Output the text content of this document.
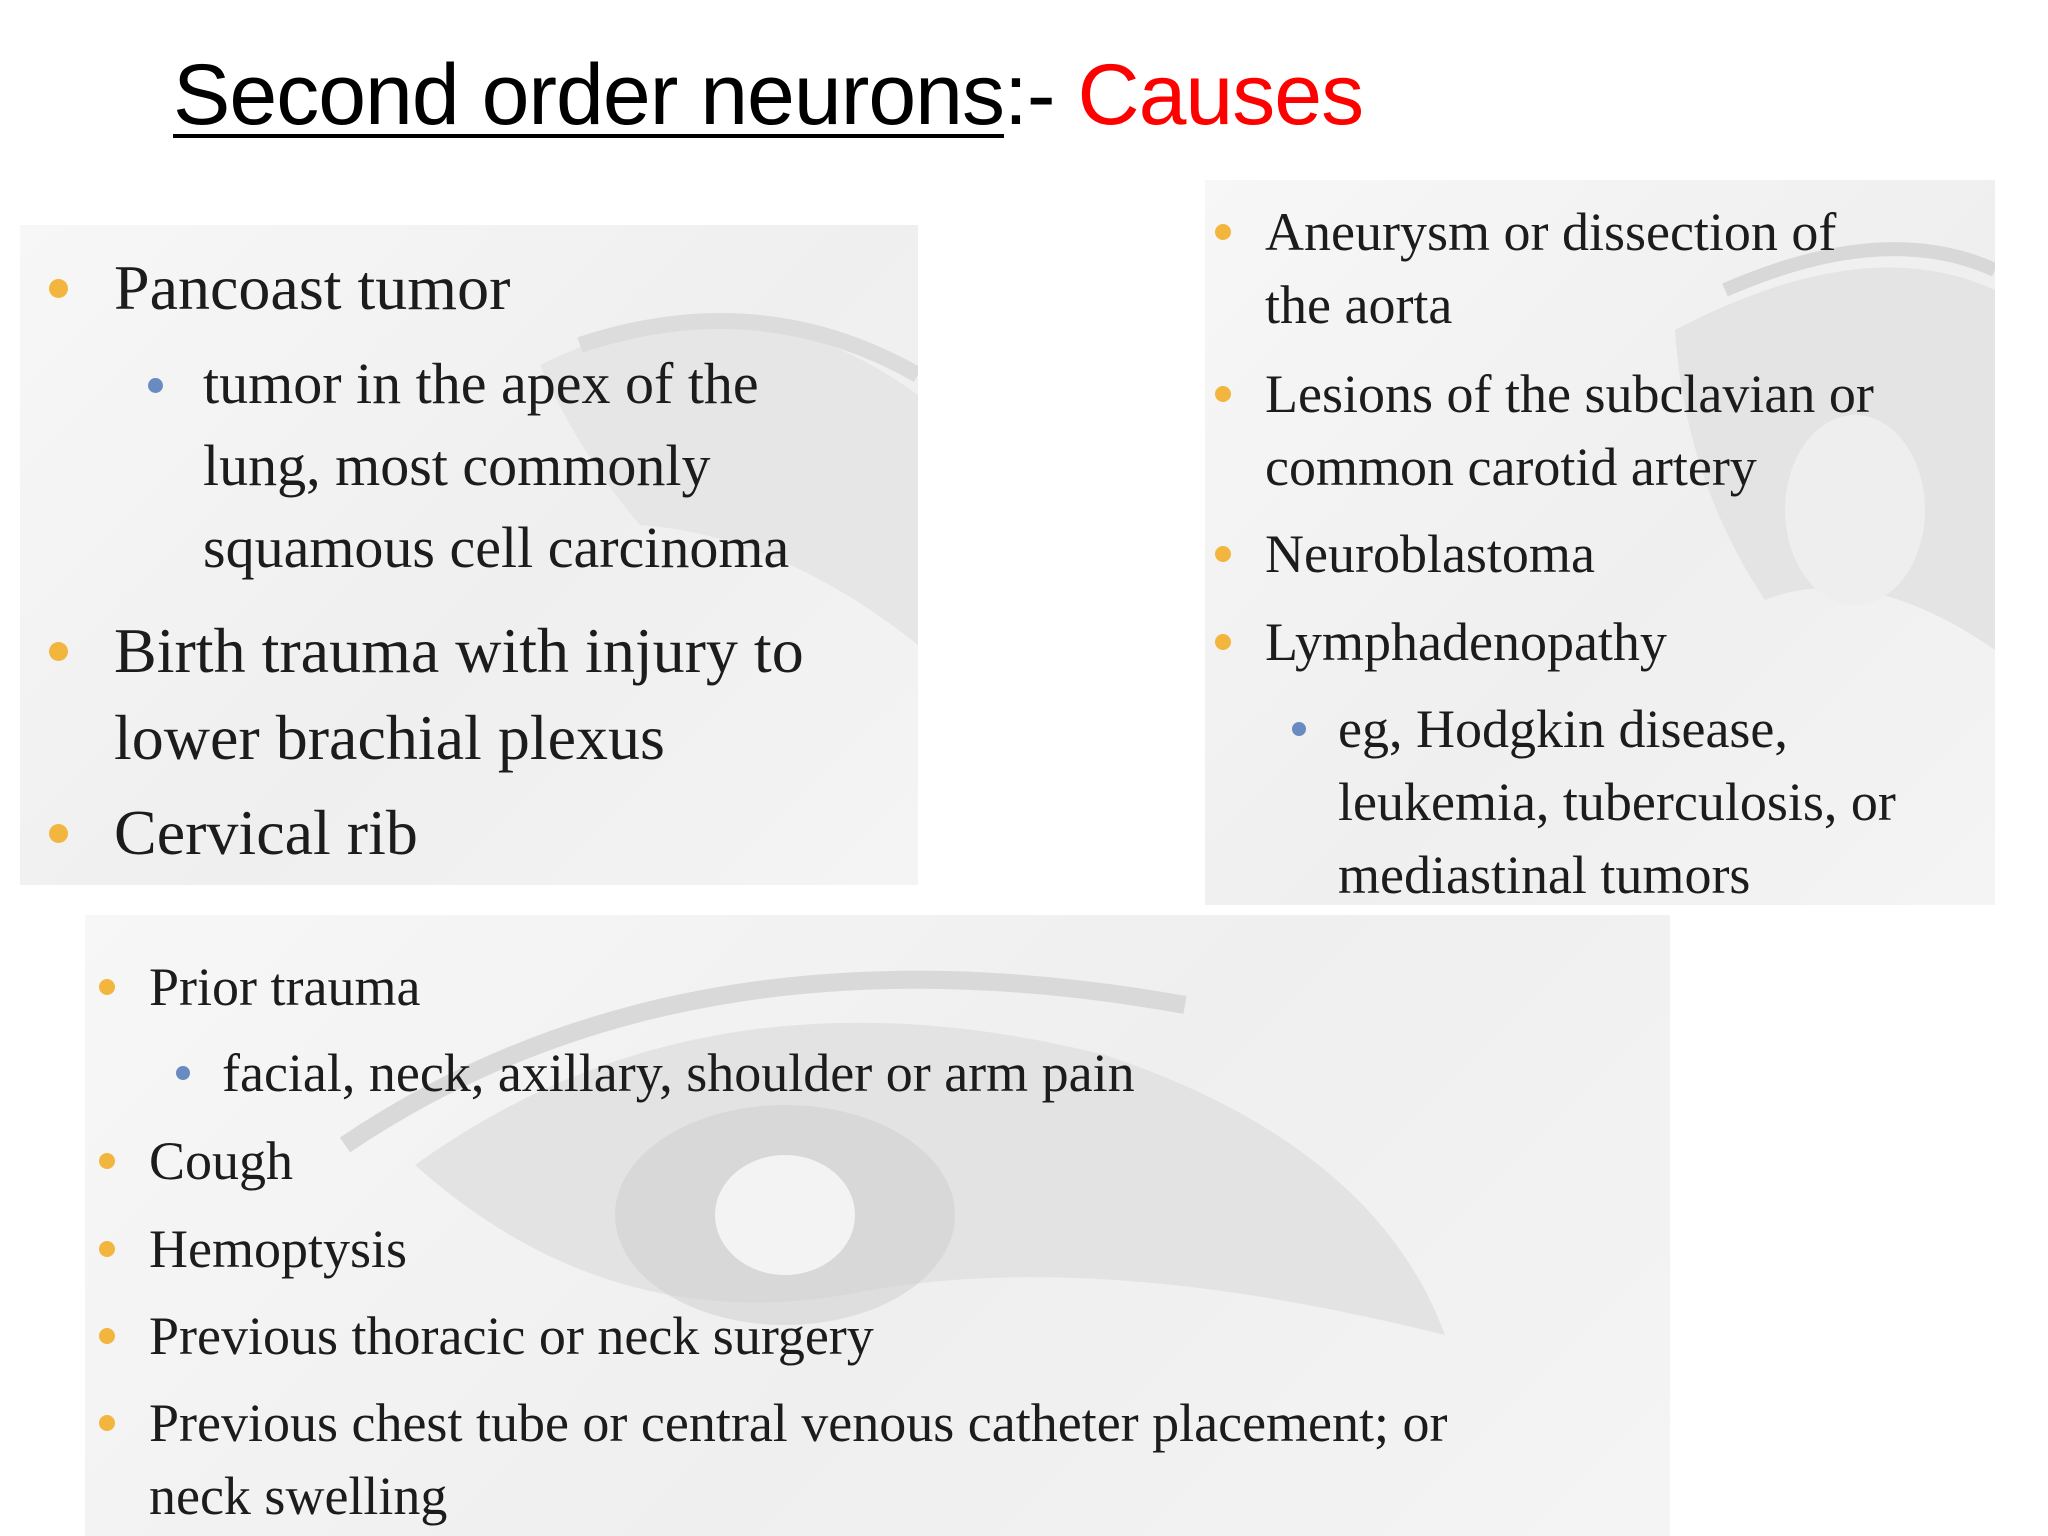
Second order neurons:- Causes
Pancoast tumor
tumor in the apex of the
lung, most commonly
squamous cell carcinoma
Birth trauma with injury to
lower brachial plexus
Cervical rib
Aneurysm or dissection of
the aorta
Lesions of the subclavian or
common carotid artery
Neuroblastoma
Lymphadenopathy
eg, Hodgkin disease,
leukemia, tuberculosis, or
mediastinal tumors
Prior trauma
facial, neck, axillary, shoulder or arm pain
Cough
Hemoptysis
Previous thoracic or neck surgery
Previous chest tube or central venous catheter placement; or
neck swelling
